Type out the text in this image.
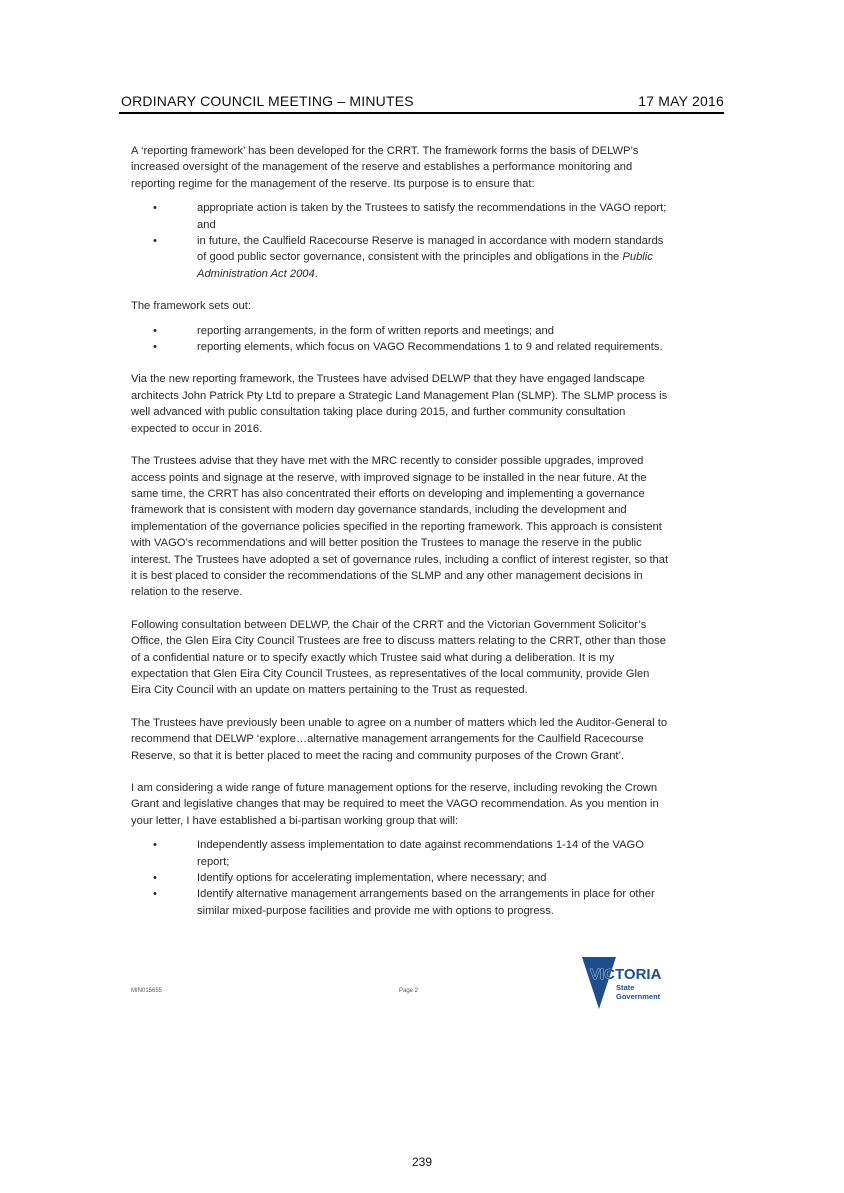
ORDINARY COUNCIL MEETING – MINUTES	17 MAY 2016

A ‘reporting framework’ has been developed for the CRRT. The framework forms the basis of DELWP’s increased oversight of the management of the reserve and establishes a performance monitoring and reporting regime for the management of the reserve. Its purpose is to ensure that:

•	appropriate action is taken by the Trustees to satisfy the recommendations in the VAGO report; and
•	in future, the Caulfield Racecourse Reserve is managed in accordance with modern standards of good public sector governance, consistent with the principles and obligations in the Public Administration Act 2004.

The framework sets out:

•	reporting arrangements, in the form of written reports and meetings; and
•	reporting elements, which focus on VAGO Recommendations 1 to 9 and related requirements.

Via the new reporting framework, the Trustees have advised DELWP that they have engaged landscape architects John Patrick Pty Ltd to prepare a Strategic Land Management Plan (SLMP). The SLMP process is well advanced with public consultation taking place during 2015, and further community consultation expected to occur in 2016.

The Trustees advise that they have met with the MRC recently to consider possible upgrades, improved access points and signage at the reserve, with improved signage to be installed in the near future. At the same time, the CRRT has also concentrated their efforts on developing and implementing a governance framework that is consistent with modern day governance standards, including the development and implementation of the governance policies specified in the reporting framework. This approach is consistent with VAGO’s recommendations and will better position the Trustees to manage the reserve in the public interest. The Trustees have adopted a set of governance rules, including a conflict of interest register, so that it is best placed to consider the recommendations of the SLMP and any other management decisions in relation to the reserve.

Following consultation between DELWP, the Chair of the CRRT and the Victorian Government Solicitor’s Office, the Glen Eira City Council Trustees are free to discuss matters relating to the CRRT, other than those of a confidential nature or to specify exactly which Trustee said what during a deliberation. It is my expectation that Glen Eira City Council Trustees, as representatives of the local community, provide Glen Eira City Council with an update on matters pertaining to the Trust as requested.

The Trustees have previously been unable to agree on a number of matters which led the Auditor-General to recommend that DELWP ‘explore…alternative management arrangements for the Caulfield Racecourse Reserve, so that it is better placed to meet the racing and community purposes of the Crown Grant’.

I am considering a wide range of future management options for the reserve, including revoking the Crown Grant and legislative changes that may be required to meet the VAGO recommendation. As you mention in your letter, I have established a bi-partisan working group that will:

•	Independently assess implementation to date against recommendations 1-14 of the VAGO report;
•	Identify options for accelerating implementation, where necessary; and
•	Identify alternative management arrangements based on the arrangements in place for other similar mixed-purpose facilities and provide me with options to progress.
MIN015655	Page 2
VICTORIA
State
Government
239
